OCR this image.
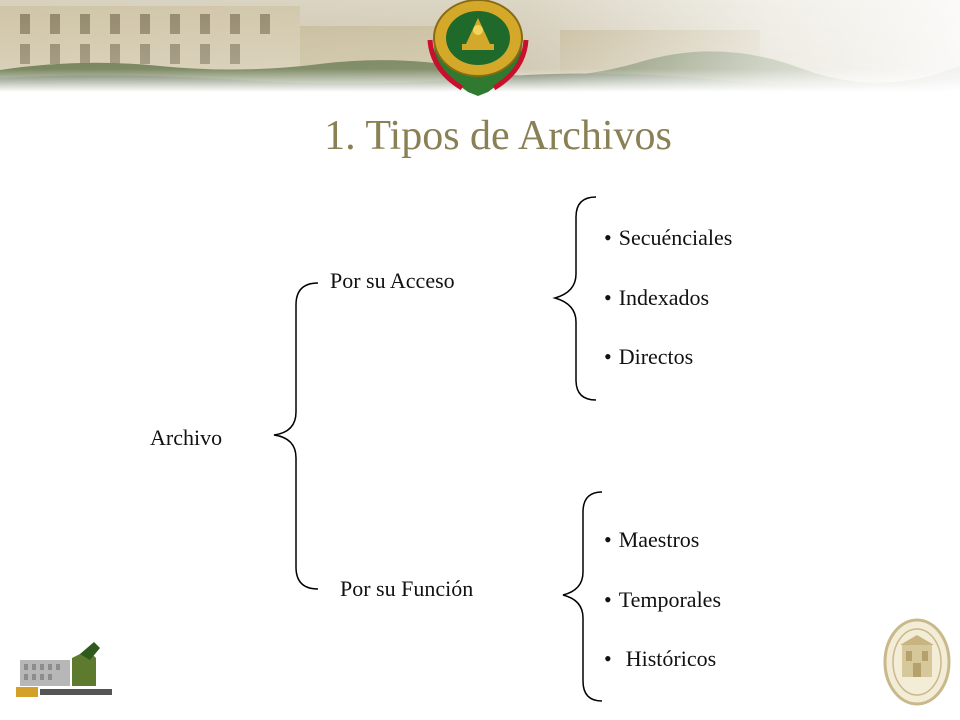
1. Tipos de Archivos
Archivo
Por su Acceso
Por su Función
• Secuénciales
• Indexados
• Directos
• Maestros
• Temporales
• Históricos
